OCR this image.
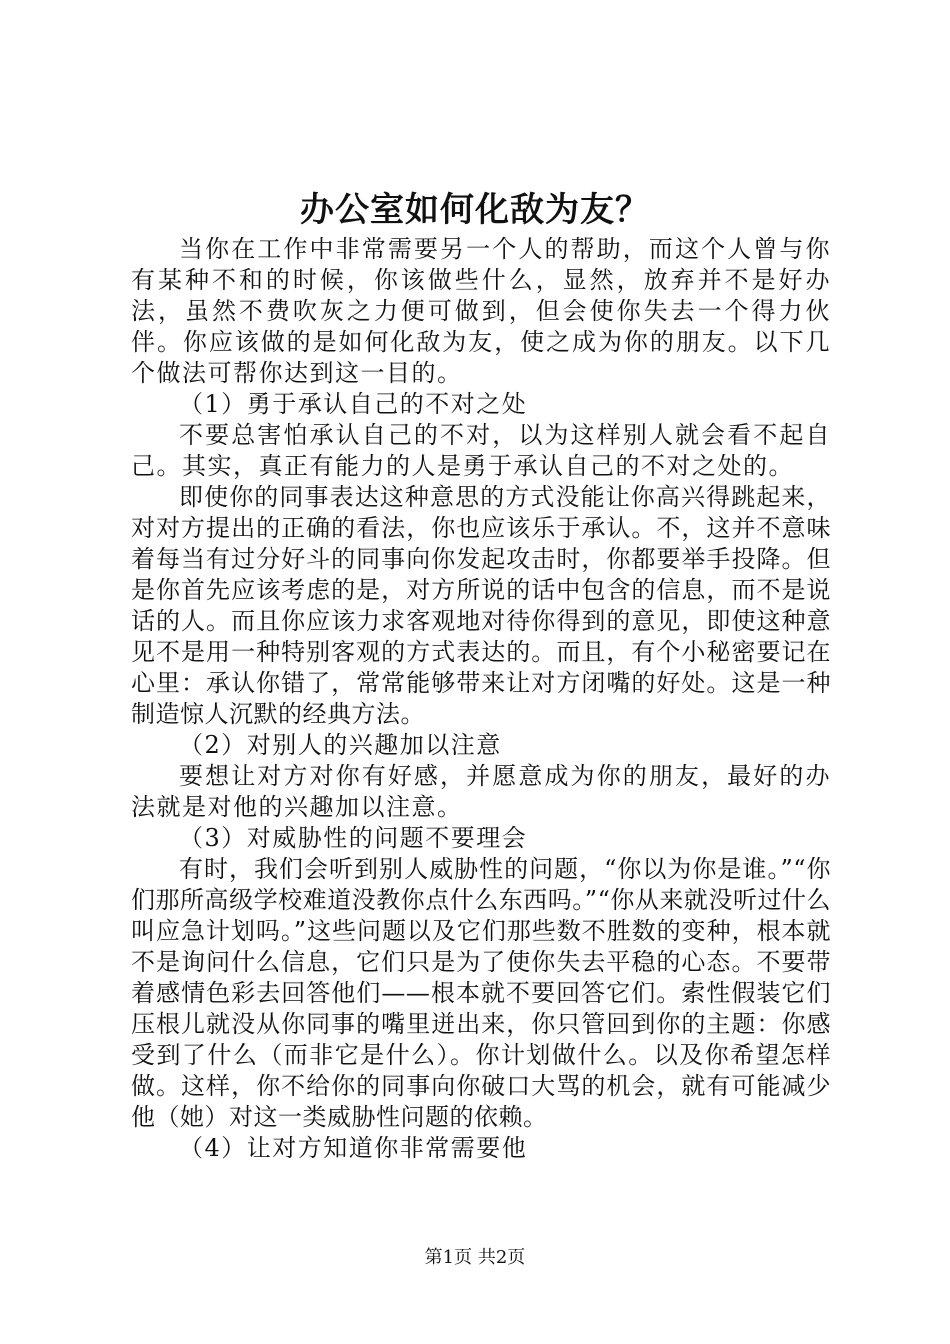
办公室如何化敌为友？

当你在工作中非常需要另一个人的帮助，而这个人曾与你有某种不和的时候，你该做些什么，显然，放弃并不是好办法，虽然不费吹灰之力便可做到，但会使你失去一个得力伙伴。你应该做的是如何化敌为友，使之成为你的朋友。以下几个做法可帮你达到这一目的。

（1）勇于承认自己的不对之处

不要总害怕承认自己的不对，以为这样别人就会看不起自己。其实，真正有能力的人是勇于承认自己的不对之处的。

即使你的同事表达这种意思的方式没能让你高兴得跳起来，对对方提出的正确的看法，你也应该乐于承认。不，这并不意味着每当有过分好斗的同事向你发起攻击时，你都要举手投降。但是你首先应该考虑的是，对方所说的话中包含的信息，而不是说话的人。而且你应该力求客观地对待你得到的意见，即使这种意见不是用一种特别客观的方式表达的。而且，有个小秘密要记在心里：承认你错了，常常能够带来让对方闭嘴的好处。这是一种制造惊人沉默的经典方法。

（2）对别人的兴趣加以注意

要想让对方对你有好感，并愿意成为你的朋友，最好的办法就是对他的兴趣加以注意。

（3）对威胁性的问题不要理会

有时，我们会听到别人威胁性的问题，“你以为你是谁。”“你们那所高级学校难道没教你点什么东西吗。”“你从来就没听过什么叫应急计划吗。”这些问题以及它们那些数不胜数的变种，根本就不是询问什么信息，它们只是为了使你失去平稳的心态。不要带着感情色彩去回答他们——根本就不要回答它们。索性假装它们压根儿就没从你同事的嘴里迸出来，你只管回到你的主题：你感受到了什么（而非它是什么）。你计划做什么。以及你希望怎样做。这样，你不给你的同事向你破口大骂的机会，就有可能减少他（她）对这一类威胁性问题的依赖。

（4）让对方知道你非常需要他

第1页 共2页
